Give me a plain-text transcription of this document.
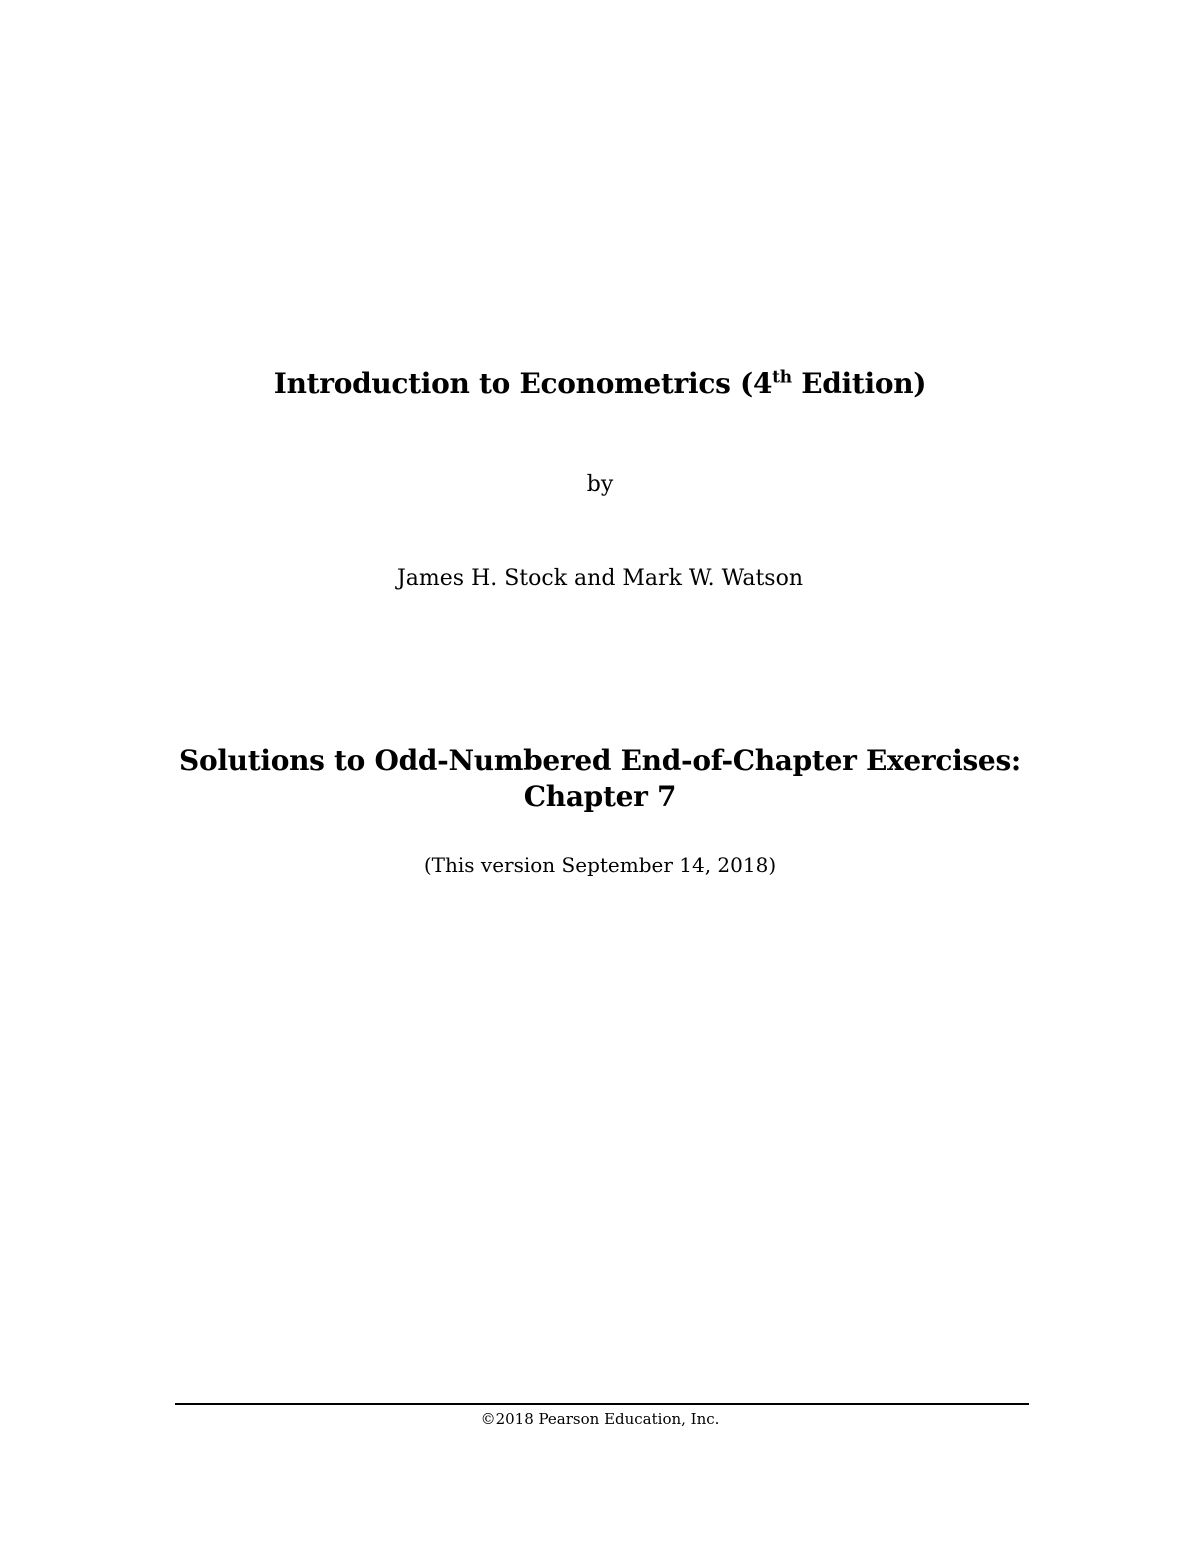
Introduction to Econometrics (4th Edition)
by
James H. Stock and Mark W. Watson
Solutions to Odd-Numbered End-of-Chapter Exercises:
Chapter 7
(This version September 14, 2018)
©2018 Pearson Education, Inc.
